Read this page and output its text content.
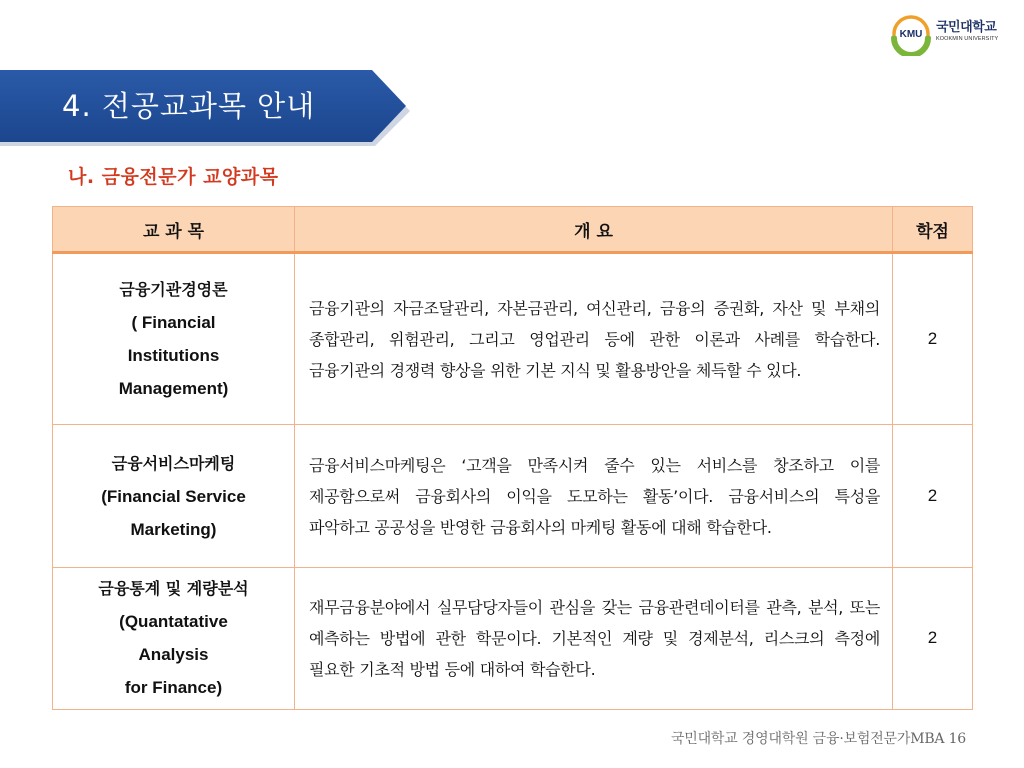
KMU 국민대학교
KOOKMIN UNIVERSITY
4. 전공교과목 안내
나. 금융전문가 교양과목
교 과 목	개 요	학점

금융기관경영론
( Financial
Institutions
Management)	금융기관의 자금조달관리, 자본금관리, 여신관리, 금융의 증권화, 자산 및 부채의 종합관리, 위험관리, 그리고 영업관리 등에 관한 이론과 사례를 학습한다. 금융기관의 경쟁력 향상을 위한 기본 지식 및 활용방안을 체득할 수 있다.	2

금융서비스마케팅
(Financial Service
Marketing)	금융서비스마케팅은 ‘고객을 만족시켜 줄수 있는 서비스를 창조하고 이를 제공함으로써 금융회사의 이익을 도모하는 활동’이다. 금융서비스의 특성을 파악하고 공공성을 반영한 금융회사의 마케팅 활동에 대해 학습한다.	2

금융통계 및 계량분석
(Quantatative
Analysis
for Finance)	재무금융분야에서 실무담당자들이 관심을 갖는 금융관련데이터를 관측, 분석, 또는 예측하는 방법에 관한 학문이다. 기본적인 계량 및 경제분석, 리스크의 측정에 필요한 기초적 방법 등에 대하여 학습한다.	2
국민대학교 경영대학원 금융·보험전문가MBA 16
